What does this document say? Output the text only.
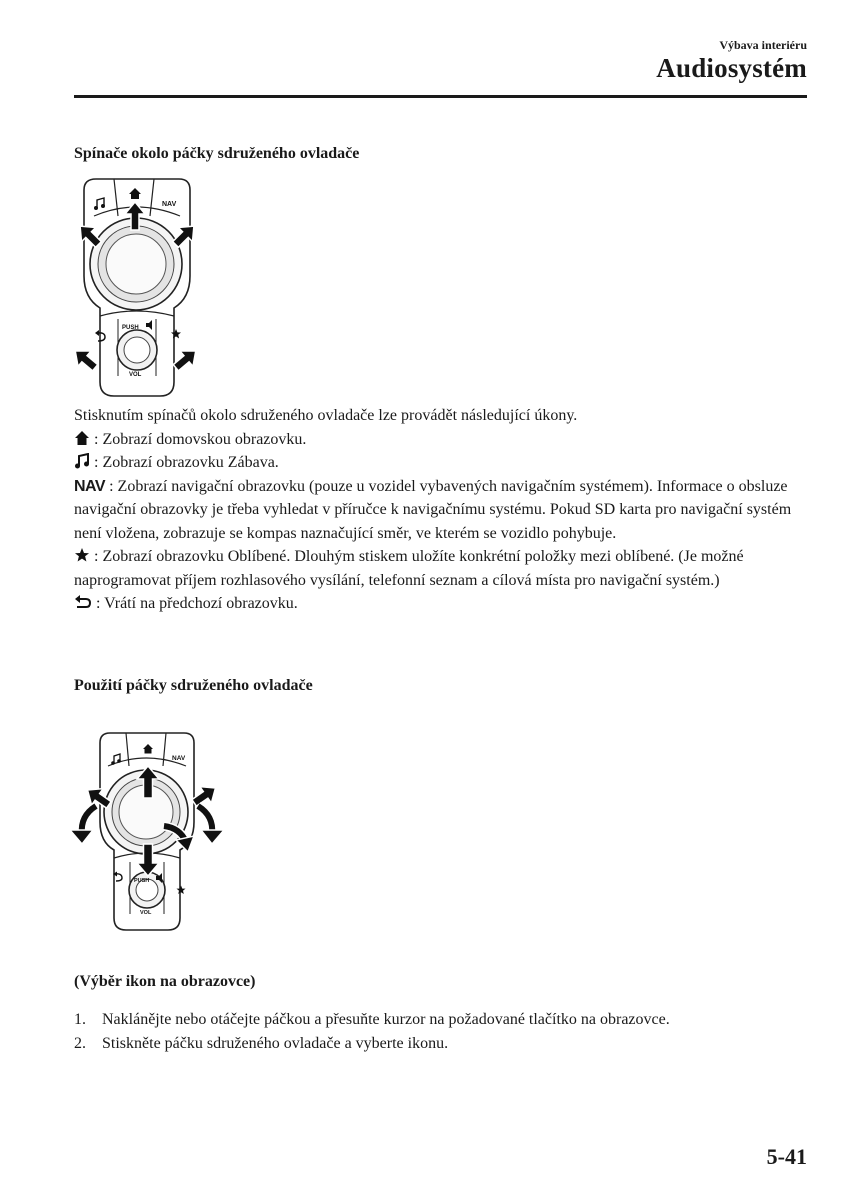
Výbava interiéru
Audiosystém
Spínače okolo páčky sdruženého ovladače
NAV
PUSH
VOL

Stisknutím spínačů okolo sdruženého ovladače lze provádět následující úkony.

: Zobrazí domovskou obrazovku.

: Zobrazí obrazovku Zábava.

NAV : Zobrazí navigační obrazovku (pouze u vozidel vybavených navigačním systémem). Informace o obsluze navigační obrazovky je třeba vyhledat v příručce k navigačnímu systému. Pokud SD karta pro navigační systém není vložena, zobrazuje se kompas naznačující směr, ve kterém se vozidlo pohybuje.

: Zobrazí obrazovku Oblíbené. Dlouhým stiskem uložíte konkrétní položky mezi oblíbené. (Je možné naprogramovat příjem rozhlasového vysílání, telefonní seznam a cílová místa pro navigační systém.)

: Vrátí na předchozí obrazovku.

Použití páčky sdruženého ovladače
NAV
PUSH
VOL
(Výběr ikon na obrazovce)

1. Naklánějte nebo otáčejte páčkou a přesuňte kurzor na požadované tlačítko na obrazovce.

2. Stiskněte páčku sdruženého ovladače a vyberte ikonu.

5-41
